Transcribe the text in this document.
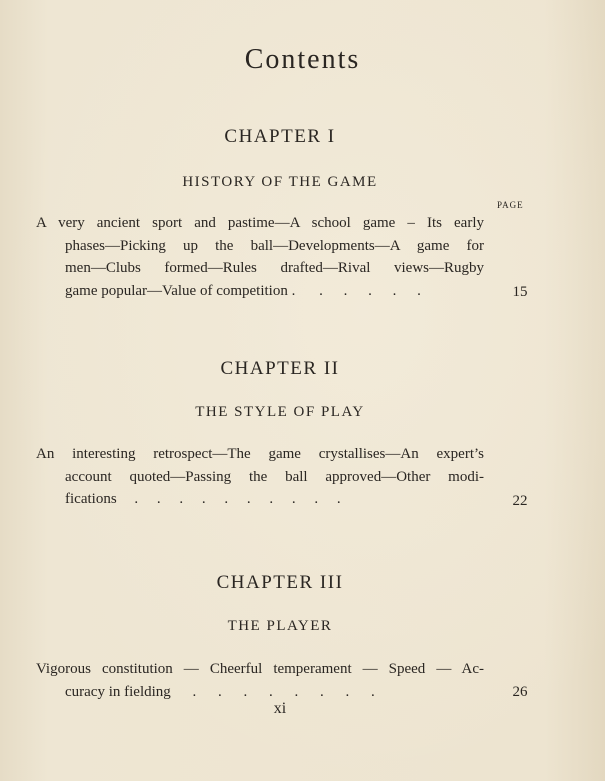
Contents
CHAPTER I
HISTORY OF THE GAME
PAGE
A very ancient sport and pastime—A school game – Its early
phases—Picking up the ball—Developments—A game for
men—Clubs formed—Rules drafted—Rival views—Rugby
game popular—Value of competition . . . . . .	15
CHAPTER II
THE STYLE OF PLAY
An interesting retrospect—The game crystallises—An expert’s
account quoted—Passing the ball approved—Other modi-
fications . . . . . . . . . .	22
CHAPTER III
THE PLAYER
Vigorous constitution — Cheerful temperament — Speed — Ac-
curacy in fielding . . . . . . . .	26
xi
